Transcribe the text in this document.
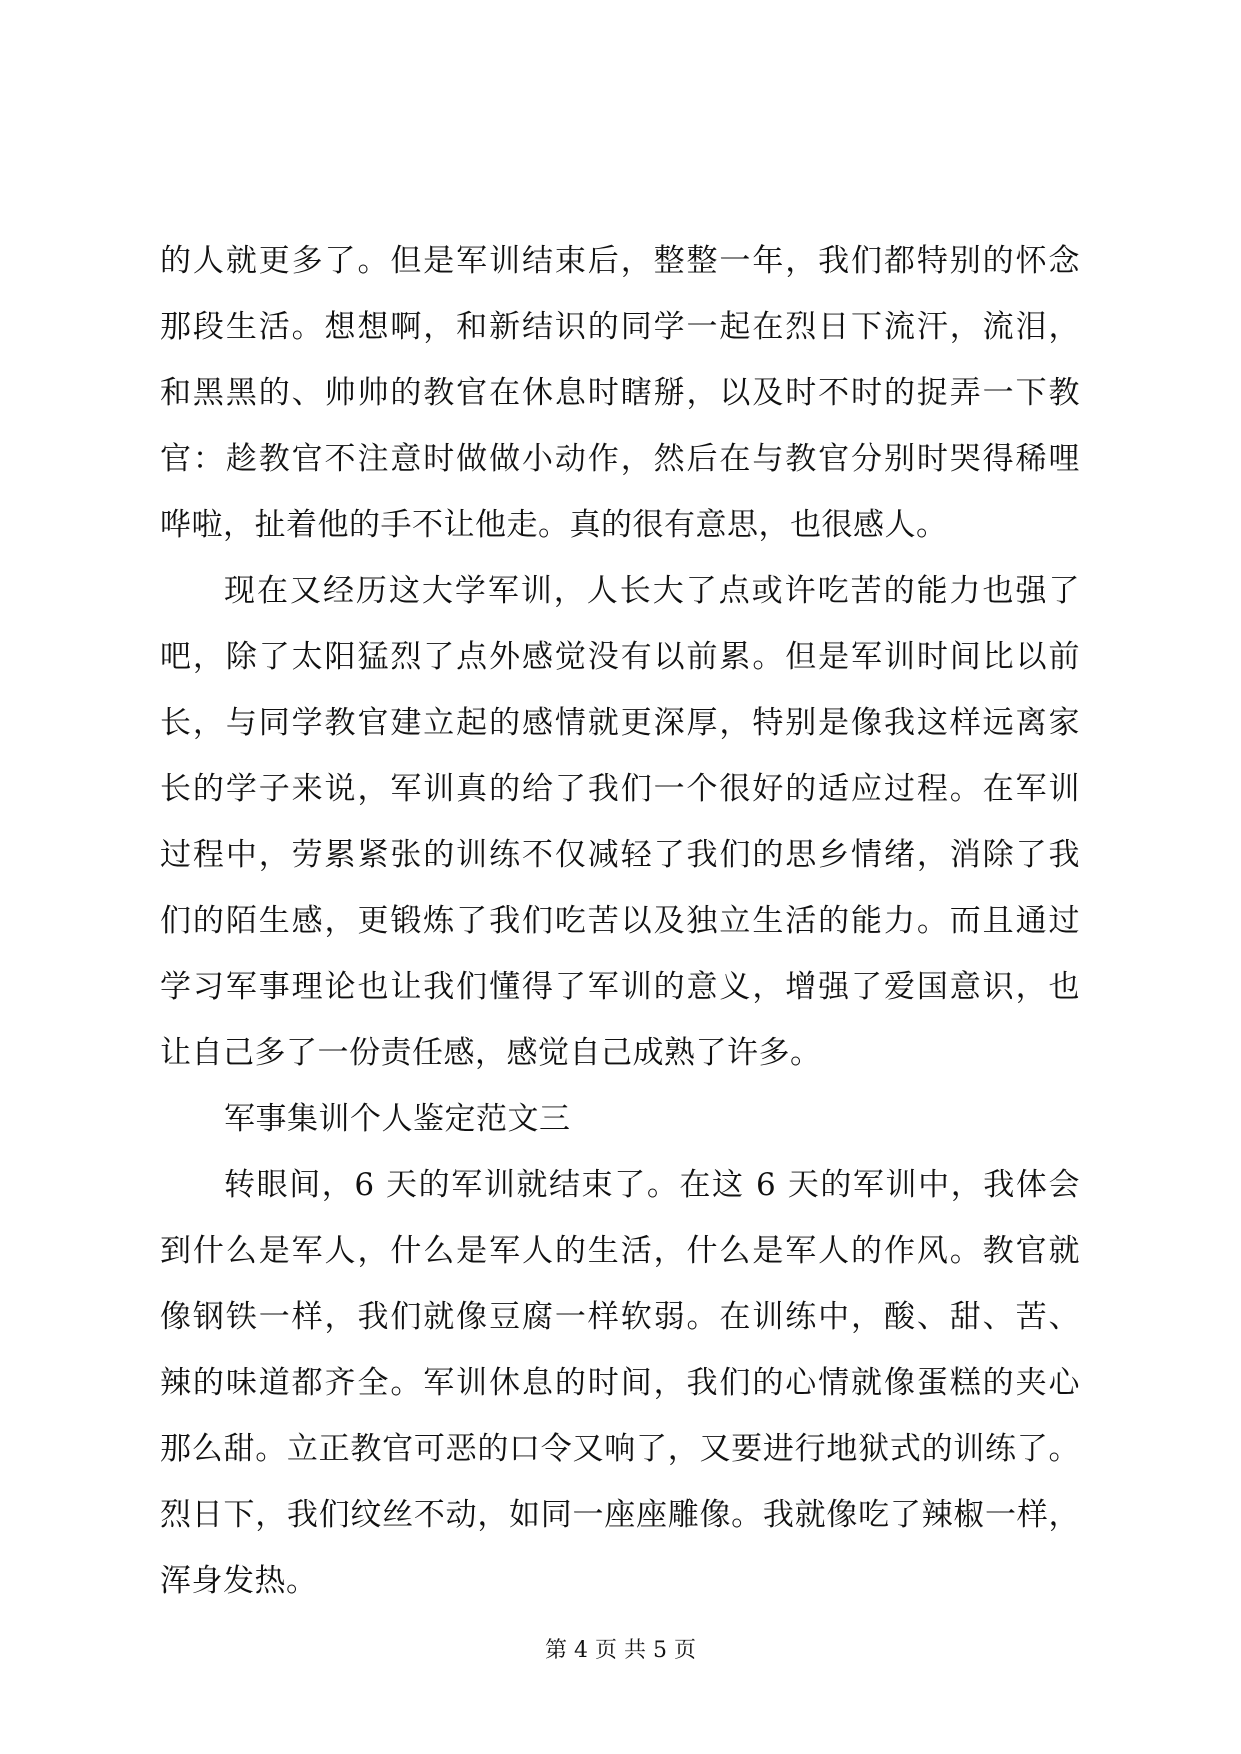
的人就更多了。但是军训结束后，整整一年，我们都特别的怀念
那段生活。想想啊，和新结识的同学一起在烈日下流汗，流泪，
和黑黑的、帅帅的教官在休息时瞎掰，以及时不时的捉弄一下教
官：趁教官不注意时做做小动作，然后在与教官分别时哭得稀哩
哗啦，扯着他的手不让他走。真的很有意思，也很感人。
现在又经历这大学军训，人长大了点或许吃苦的能力也强了
吧，除了太阳猛烈了点外感觉没有以前累。但是军训时间比以前
长，与同学教官建立起的感情就更深厚，特别是像我这样远离家
长的学子来说，军训真的给了我们一个很好的适应过程。在军训
过程中，劳累紧张的训练不仅减轻了我们的思乡情绪，消除了我
们的陌生感，更锻炼了我们吃苦以及独立生活的能力。而且通过
学习军事理论也让我们懂得了军训的意义，增强了爱国意识，也
让自己多了一份责任感，感觉自己成熟了许多。
军事集训个人鉴定范文三
转眼间，6 天的军训就结束了。在这 6 天的军训中，我体会
到什么是军人，什么是军人的生活，什么是军人的作风。教官就
像钢铁一样，我们就像豆腐一样软弱。在训练中，酸、甜、苦、
辣的味道都齐全。军训休息的时间，我们的心情就像蛋糕的夹心
那么甜。立正教官可恶的口令又响了，又要进行地狱式的训练了。
烈日下，我们纹丝不动，如同一座座雕像。我就像吃了辣椒一样，
浑身发热。
第 4 页 共 5 页
